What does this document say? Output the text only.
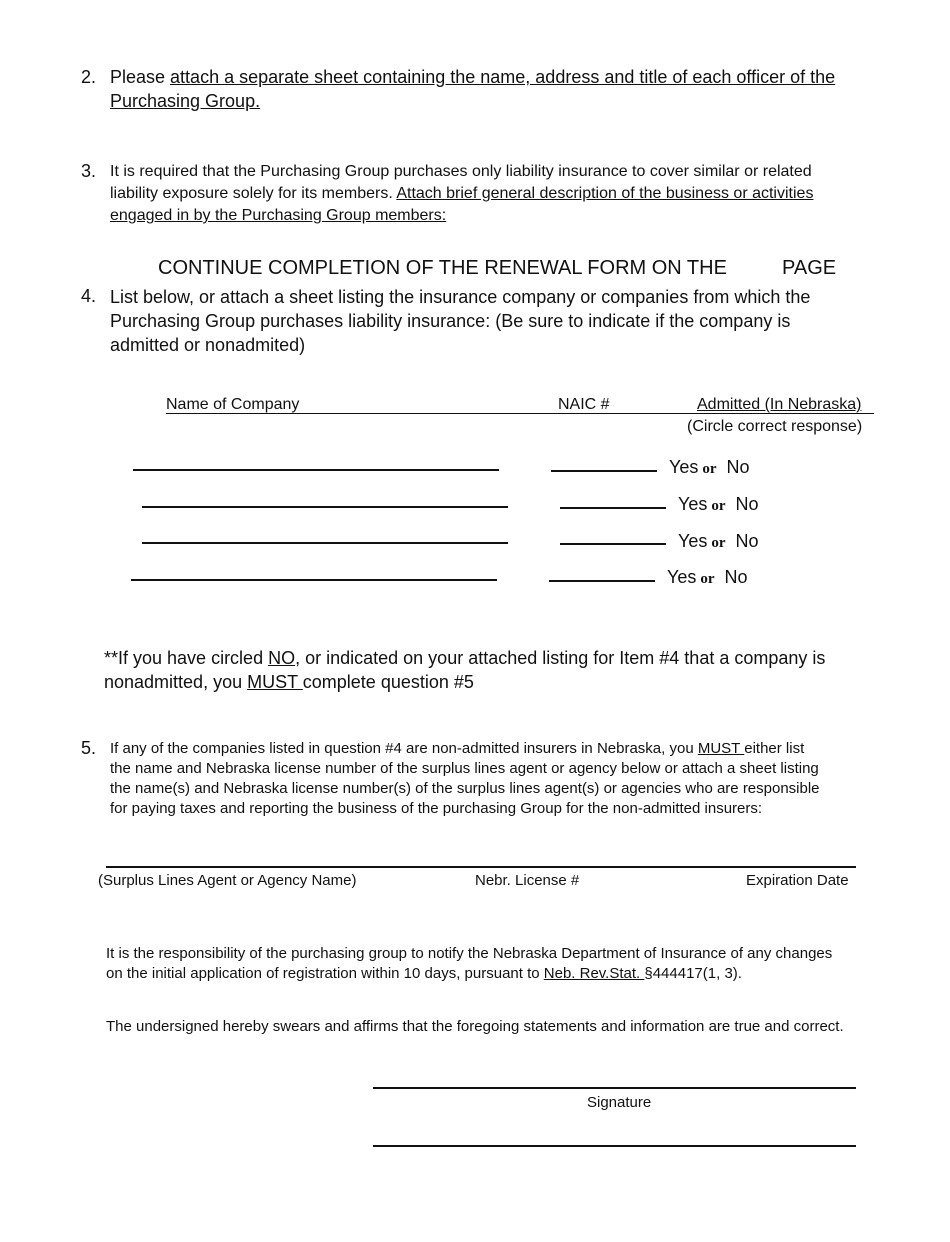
2. Please attach a separate sheet containing the name, address and title of each officer of the
Purchasing Group.
3. It is required that the Purchasing Group purchases only liability insurance to cover similar or related
liability exposure solely for its members. Attach brief general description of the business or activities
engaged in by the Purchasing Group members:
CONTINUE COMPLETION OF THE RENEWAL FORM ON THE	PAGE
4. List below, or attach a sheet listing the insurance company or companies from which the
Purchasing Group purchases liability insurance: (Be sure to indicate if the company is
admitted or nonadmited)
Name of Company	NAIC #	Admitted (In Nebraska)
(Circle correct response)
Yes or No
Yes or No
Yes or No
Yes or No
**If you have circled NO, or indicated on your attached listing for Item #4 that a company is
nonadmitted, you MUST complete question #5
5. If any of the companies listed in question #4 are non-admitted insurers in Nebraska, you MUST either list
the name and Nebraska license number of the surplus lines agent or agency below or attach a sheet listing
the name(s) and Nebraska license number(s) of the surplus lines agent(s) or agencies who are responsible
for paying taxes and reporting the business of the purchasing Group for the non-admitted insurers:
(Surplus Lines Agent or Agency Name)	Nebr. License #	Expiration Date
It is the responsibility of the purchasing group to notify the Nebraska Department of Insurance of any changes
on the initial application of registration within 10 days, pursuant to Neb. Rev.Stat. §444417(1, 3).
The undersigned hereby swears and affirms that the foregoing statements and information are true and correct.
Signature
